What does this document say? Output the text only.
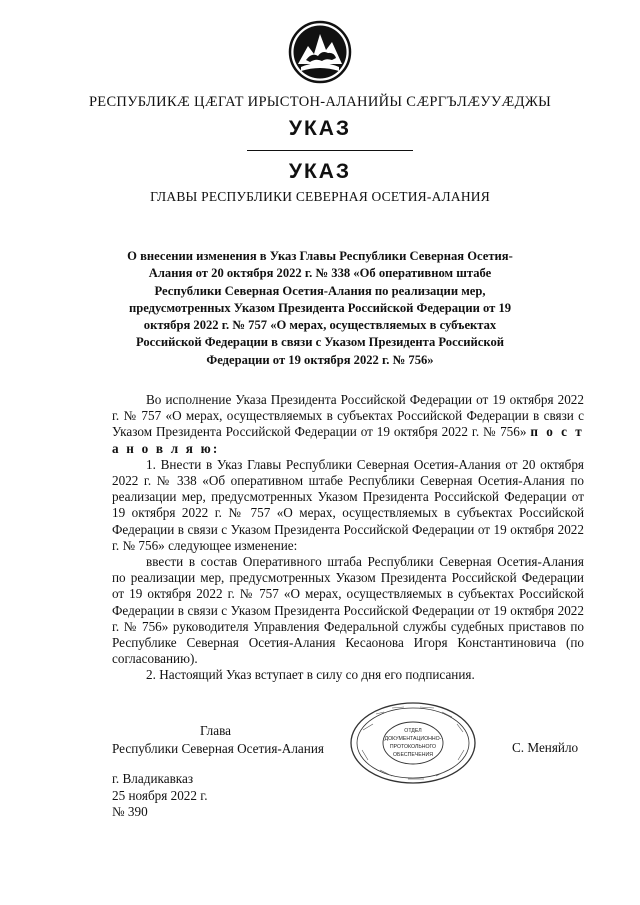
РЕСПУБЛИКӔ ЦӔГАТ ИРЫСТОН-АЛАНИЙЫ СӔРГЪЛӔУУӔДЖЫ
УКАЗ
УКАЗ
ГЛАВЫ РЕСПУБЛИКИ СЕВЕРНАЯ ОСЕТИЯ-АЛАНИЯ
О внесении изменения в Указ Главы Республики Северная Осетия-Алания от 20 октября 2022 г. № 338 «Об оперативном штабе Республики Северная Осетия-Алания по реализации мер, предусмотренных Указом Президента Российской Федерации от 19 октября 2022 г. № 757 «О мерах, осуществляемых в субъектах Российской Федерации в связи с Указом Президента Российской Федерации от 19 октября 2022 г. № 756»

Во исполнение Указа Президента Российской Федерации от 19 октября 2022 г. № 757 «О мерах, осуществляемых в субъектах Российской Федерации в связи с Указом Президента Российской Федерации от 19 октября 2022 г. № 756» п о с т а н о в л я ю:

1. Внести в Указ Главы Республики Северная Осетия-Алания от 20 октября 2022 г. № 338 «Об оперативном штабе Республики Северная Осетия-Алания по реализации мер, предусмотренных Указом Президента Российской Федерации от 19 октября 2022 г. № 757 «О мерах, осуществляемых в субъектах Российской Федерации в связи с Указом Президента Российской Федерации от 19 октября 2022 г. № 756» следующее изменение:

ввести в состав Оперативного штаба Республики Северная Осетия-Алания по реализации мер, предусмотренных Указом Президента Российской Федерации от 19 октября 2022 г. № 757 «О мерах, осуществляемых в субъектах Российской Федерации в связи с Указом Президента Российской Федерации от 19 октября 2022 г. № 756» руководителя Управления Федеральной службы судебных приставов по Республике Северная Осетия-Алания Кесаонова Игоря Константиновича (по согласованию).

2. Настоящий Указ вступает в силу со дня его подписания.

Глава
Республики Северная Осетия-Алания
ОТДЕЛ
ДОКУМЕНТАЦИОННО-
ПРОТОКОЛЬНОГО
ОБЕСПЕЧЕНИЯ	С. Меняйло
г. Владикавказ
25 ноября 2022 г.
№ 390
